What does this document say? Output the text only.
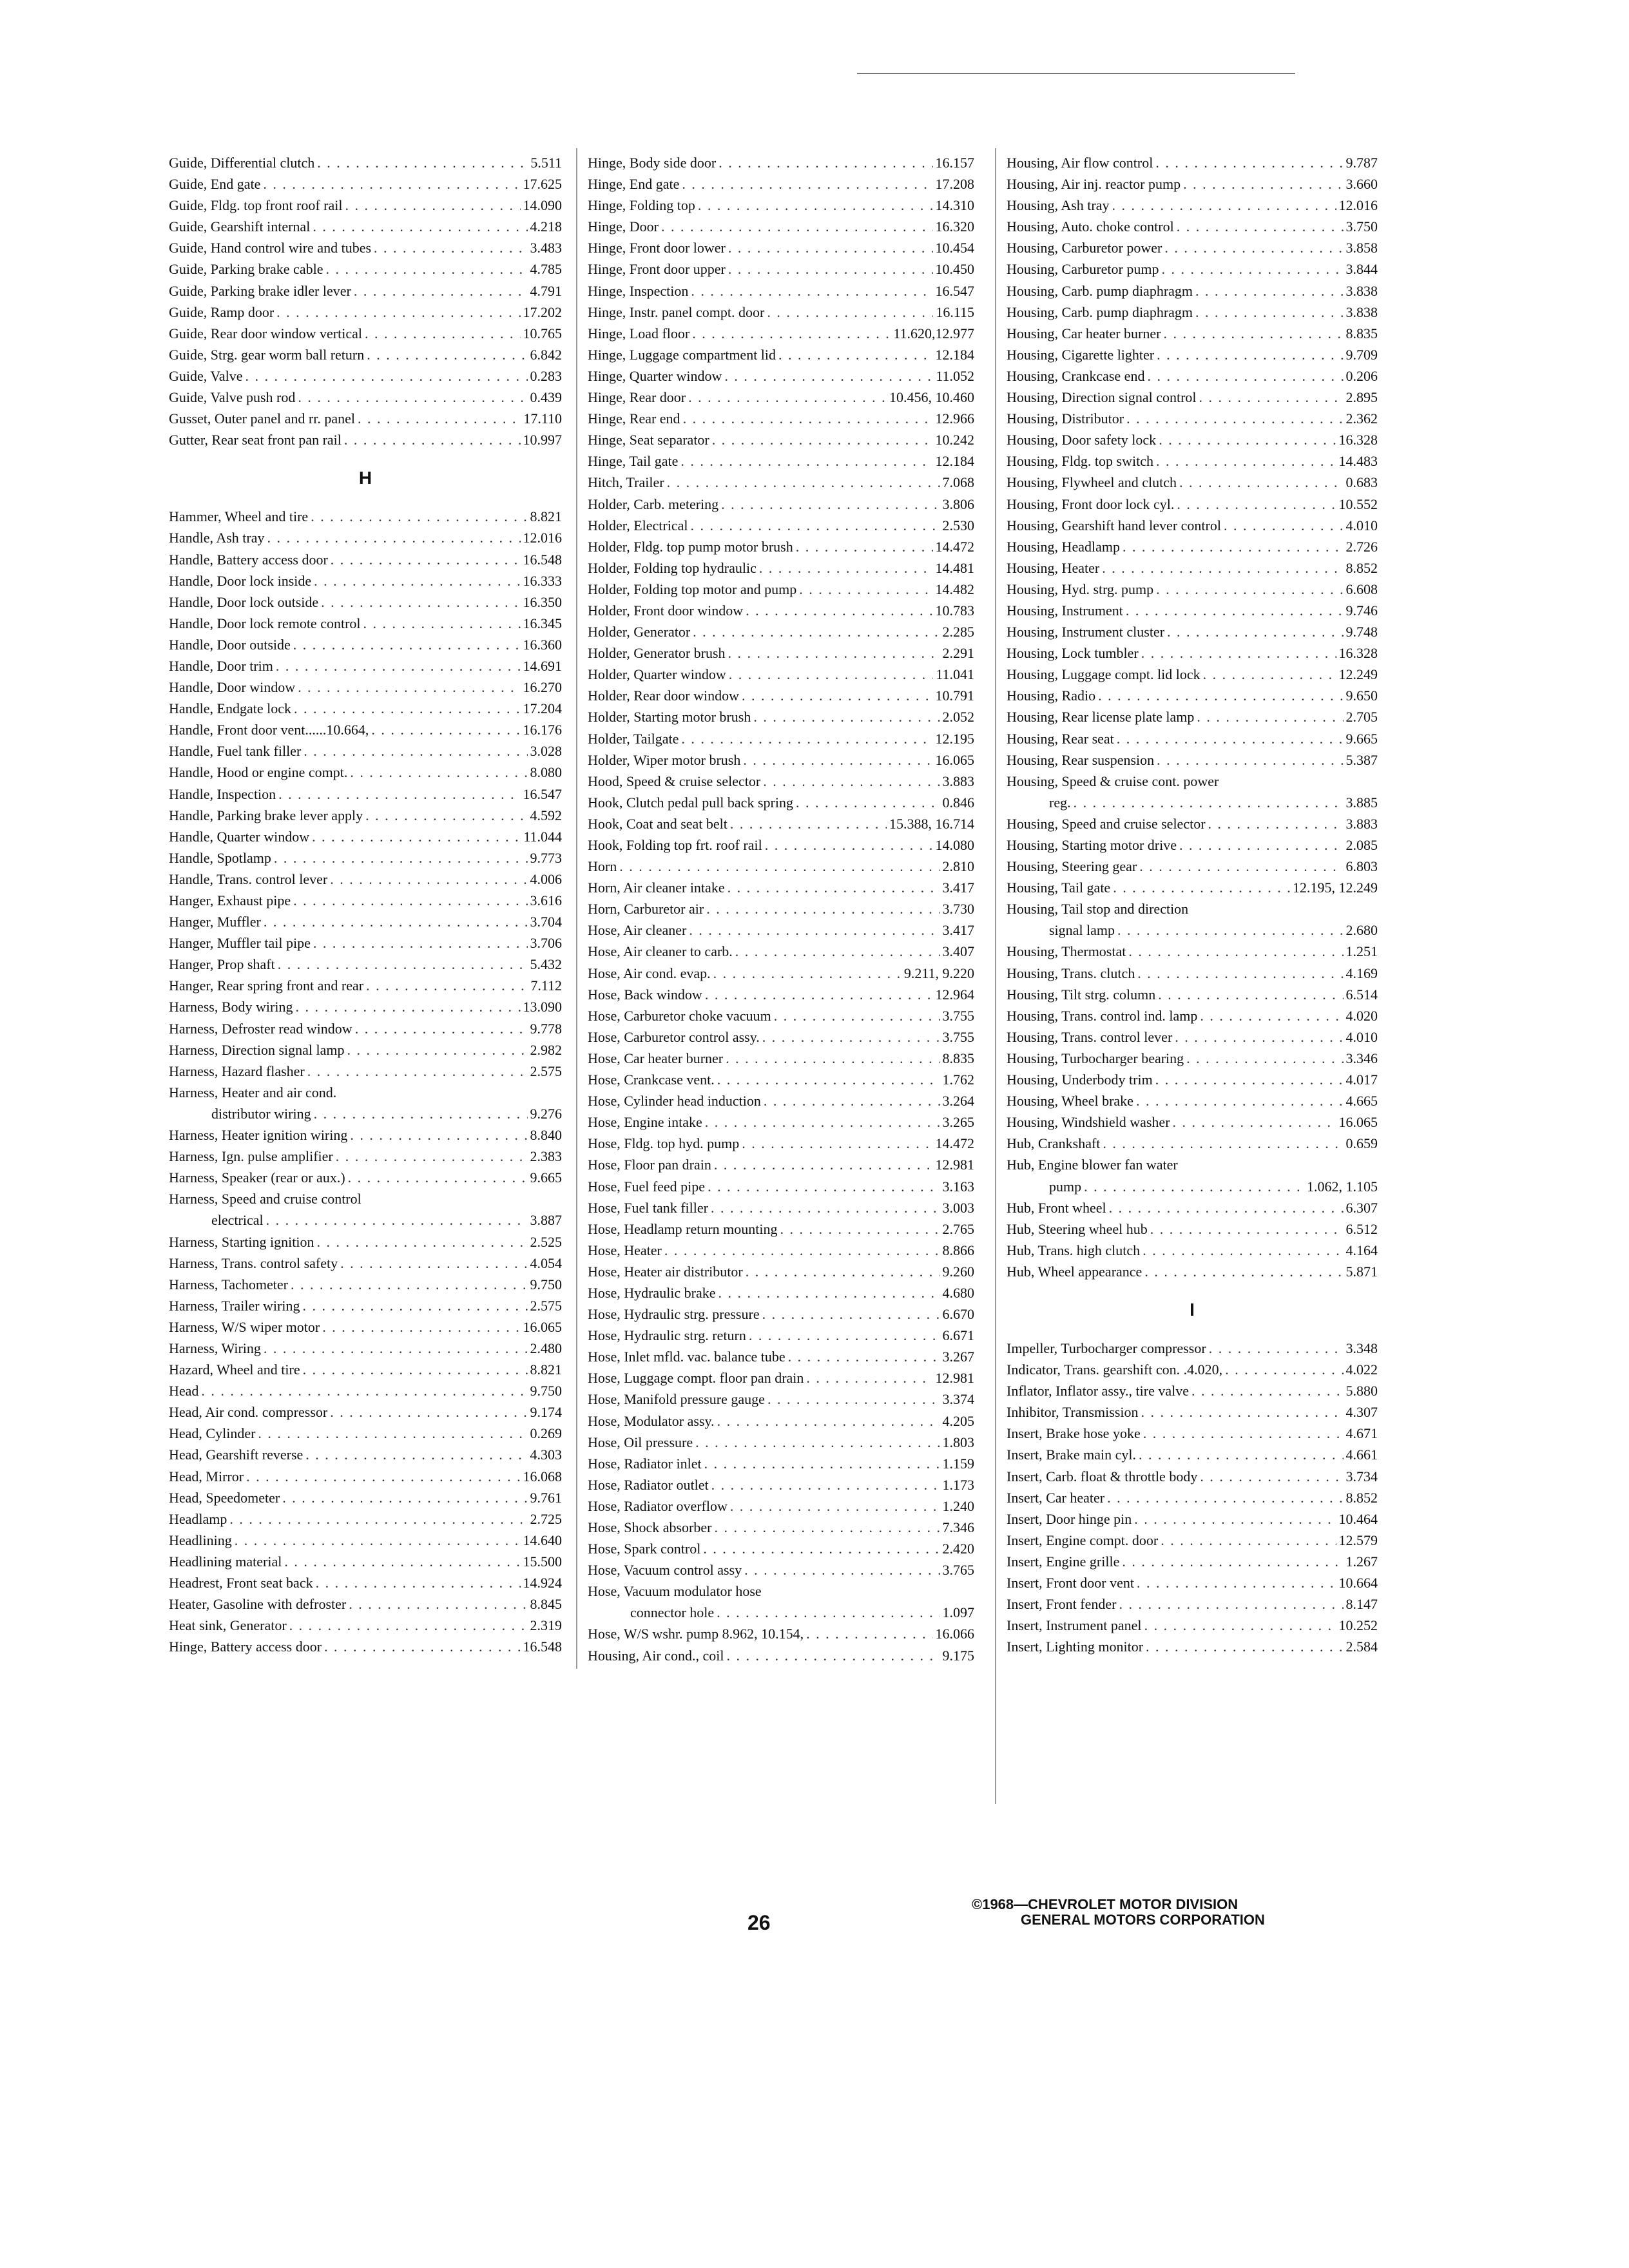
Guide, Differential clutch . . .	5.511
Guide, End gate . . .	17.625
Guide, Fldg. top front roof rail . . .	14.090
Guide, Gearshift internal . . .	4.218
Guide, Hand control wire and tubes . . .	3.483
Guide, Parking brake cable . . .	4.785
Guide, Parking brake idler lever . . .	4.791
Guide, Ramp door . . .	17.202
Guide, Rear door window vertical . . .	10.765
Guide, Strg. gear worm ball return . . .	6.842
Guide, Valve . . .	0.283
Guide, Valve push rod . . .	0.439
Gusset, Outer panel and rr. panel . . .	17.110
Gutter, Rear seat front pan rail . . .	10.997
H
Hammer, Wheel and tire . . .	8.821
Handle, Ash tray . . .	12.016
Handle, Battery access door . . .	16.548
Handle, Door lock inside . . .	16.333
Handle, Door lock outside . . .	16.350
Handle, Door lock remote control . . .	16.345
Handle, Door outside . . .	16.360
Handle, Door trim . . .	14.691
Handle, Door window . . .	16.270
Handle, Endgate lock . . .	17.204
Handle, Front door vent......10.664, . . .	16.176
Handle, Fuel tank filler . . .	3.028
Handle, Hood or engine compt. . . .	8.080
Handle, Inspection . . .	16.547
Handle, Parking brake lever apply . . .	4.592
Handle, Quarter window . . .	11.044
Handle, Spotlamp . . .	9.773
Handle, Trans. control lever . . .	4.006
Hanger, Exhaust pipe . . .	3.616
Hanger, Muffler . . .	3.704
Hanger, Muffler tail pipe . . .	3.706
Hanger, Prop shaft . . .	5.432
Hanger, Rear spring front and rear . . .	7.112
Harness, Body wiring . . .	13.090
Harness, Defroster read window . . .	9.778
Harness, Direction signal lamp . . .	2.982
Harness, Hazard flasher . . .	2.575
Harness, Heater and air cond.
distributor wiring . . .	9.276
Harness, Heater ignition wiring . . .	8.840
Harness, Ign. pulse amplifier . . .	2.383
Harness, Speaker (rear or aux.) . . .	9.665
Harness, Speed and cruise control
electrical . . .	3.887
Harness, Starting ignition . . .	2.525
Harness, Trans. control safety . . .	4.054
Harness, Tachometer . . .	9.750
Harness, Trailer wiring . . .	2.575
Harness, W/S wiper motor . . .	16.065
Harness, Wiring . . .	2.480
Hazard, Wheel and tire . . .	8.821
Head . . .	9.750
Head, Air cond. compressor . . .	9.174
Head, Cylinder . . .	0.269
Head, Gearshift reverse . . .	4.303
Head, Mirror . . .	16.068
Head, Speedometer . . .	9.761
Headlamp . . .	2.725
Headlining . . .	14.640
Headlining material . . .	15.500
Headrest, Front seat back . . .	14.924
Heater, Gasoline with defroster . . .	8.845
Heat sink, Generator . . .	2.319
Hinge, Battery access door . . .	16.548
Hinge, Body side door . . .	16.157
Hinge, End gate . . .	17.208
Hinge, Folding top . . .	14.310
Hinge, Door . . .	16.320
Hinge, Front door lower . . .	10.454
Hinge, Front door upper . . .	10.450
Hinge, Inspection . . .	16.547
Hinge, Instr. panel compt. door . . .	16.115
Hinge, Load floor . . .	11.620,12.977
Hinge, Luggage compartment lid . . .	12.184
Hinge, Quarter window . . .	11.052
Hinge, Rear door . . .	10.456, 10.460
Hinge, Rear end . . .	12.966
Hinge, Seat separator . . .	10.242
Hinge, Tail gate . . .	12.184
Hitch, Trailer . . .	7.068
Holder, Carb. metering . . .	3.806
Holder, Electrical . . .	2.530
Holder, Fldg. top pump motor brush . . .	14.472
Holder, Folding top hydraulic . . .	14.481
Holder, Folding top motor and pump . . .	14.482
Holder, Front door window . . .	10.783
Holder, Generator . . .	2.285
Holder, Generator brush . . .	2.291
Holder, Quarter window . . .	11.041
Holder, Rear door window . . .	10.791
Holder, Starting motor brush . . .	2.052
Holder, Tailgate . . .	12.195
Holder, Wiper motor brush . . .	16.065
Hood, Speed & cruise selector . . .	3.883
Hook, Clutch pedal pull back spring . . .	0.846
Hook, Coat and seat belt . . .	15.388, 16.714
Hook, Folding top frt. roof rail . . .	14.080
Horn . . .	2.810
Horn, Air cleaner intake . . .	3.417
Horn, Carburetor air . . .	3.730
Hose, Air cleaner . . .	3.417
Hose, Air cleaner to carb. . . .	3.407
Hose, Air cond. evap. . . .	9.211, 9.220
Hose, Back window . . .	12.964
Hose, Carburetor choke vacuum . . .	3.755
Hose, Carburetor control assy. . . .	3.755
Hose, Car heater burner . . .	8.835
Hose, Crankcase vent. . . .	1.762
Hose, Cylinder head induction . . .	3.264
Hose, Engine intake . . .	3.265
Hose, Fldg. top hyd. pump . . .	14.472
Hose, Floor pan drain . . .	12.981
Hose, Fuel feed pipe . . .	3.163
Hose, Fuel tank filler . . .	3.003
Hose, Headlamp return mounting . . .	2.765
Hose, Heater . . .	8.866
Hose, Heater air distributor . . .	9.260
Hose, Hydraulic brake . . .	4.680
Hose, Hydraulic strg. pressure . . .	6.670
Hose, Hydraulic strg. return . . .	6.671
Hose, Inlet mfld. vac. balance tube . . .	3.267
Hose, Luggage compt. floor pan drain . . .	12.981
Hose, Manifold pressure gauge . . .	3.374
Hose, Modulator assy. . . .	4.205
Hose, Oil pressure . . .	1.803
Hose, Radiator inlet . . .	1.159
Hose, Radiator outlet . . .	1.173
Hose, Radiator overflow . . .	1.240
Hose, Shock absorber . . .	7.346
Hose, Spark control . . .	2.420
Hose, Vacuum control assy . . .	3.765
Hose, Vacuum modulator hose
connector hole . . .	1.097
Hose, W/S wshr. pump 8.962, 10.154, . . .	16.066
Housing, Air cond., coil . . .	9.175
Housing, Air flow control . . .	9.787
Housing, Air inj. reactor pump . . .	3.660
Housing, Ash tray . . .	12.016
Housing, Auto. choke control . . .	3.750
Housing, Carburetor power . . .	3.858
Housing, Carburetor pump . . .	3.844
Housing, Carb. pump diaphragm . . .	3.838
Housing, Carb. pump diaphragm . . .	3.838
Housing, Car heater burner . . .	8.835
Housing, Cigarette lighter . . .	9.709
Housing, Crankcase end . . .	0.206
Housing, Direction signal control . . .	2.895
Housing, Distributor . . .	2.362
Housing, Door safety lock . . .	16.328
Housing, Fldg. top switch . . .	14.483
Housing, Flywheel and clutch . . .	0.683
Housing, Front door lock cyl. . . .	10.552
Housing, Gearshift hand lever control . . .	4.010
Housing, Headlamp . . .	2.726
Housing, Heater . . .	8.852
Housing, Hyd. strg. pump . . .	6.608
Housing, Instrument . . .	9.746
Housing, Instrument cluster . . .	9.748
Housing, Lock tumbler . . .	16.328
Housing, Luggage compt. lid lock . . .	12.249
Housing, Radio . . .	9.650
Housing, Rear license plate lamp . . .	2.705
Housing, Rear seat . . .	9.665
Housing, Rear suspension . . .	5.387
Housing, Speed & cruise cont. power
reg. . . .	3.885
Housing, Speed and cruise selector . . .	3.883
Housing, Starting motor drive . . .	2.085
Housing, Steering gear . . .	6.803
Housing, Tail gate . . .	12.195, 12.249
Housing, Tail stop and direction
signal lamp . . .	2.680
Housing, Thermostat . . .	1.251
Housing, Trans. clutch . . .	4.169
Housing, Tilt strg. column . . .	6.514
Housing, Trans. control ind. lamp . . .	4.020
Housing, Trans. control lever . . .	4.010
Housing, Turbocharger bearing . . .	3.346
Housing, Underbody trim . . .	4.017
Housing, Wheel brake . . .	4.665
Housing, Windshield washer . . .	16.065
Hub, Crankshaft . . .	0.659
Hub, Engine blower fan water
pump . . .	1.062, 1.105
Hub, Front wheel . . .	6.307
Hub, Steering wheel hub . . .	6.512
Hub, Trans. high clutch . . .	4.164
Hub, Wheel appearance . . .	5.871
I
Impeller, Turbocharger compressor . . .	3.348
Indicator, Trans. gearshift con. .4.020, . . .	4.022
Inflator, Inflator assy., tire valve . . .	5.880
Inhibitor, Transmission . . .	4.307
Insert, Brake hose yoke . . .	4.671
Insert, Brake main cyl. . . .	4.661
Insert, Carb. float & throttle body . . .	3.734
Insert, Car heater . . .	8.852
Insert, Door hinge pin . . .	10.464
Insert, Engine compt. door . . .	12.579
Insert, Engine grille . . .	1.267
Insert, Front door vent . . .	10.664
Insert, Front fender . . .	8.147
Insert, Instrument panel . . .	10.252
Insert, Lighting monitor . . .	2.584
26
©1968—CHEVROLET MOTOR DIVISION
GENERAL MOTORS CORPORATION
